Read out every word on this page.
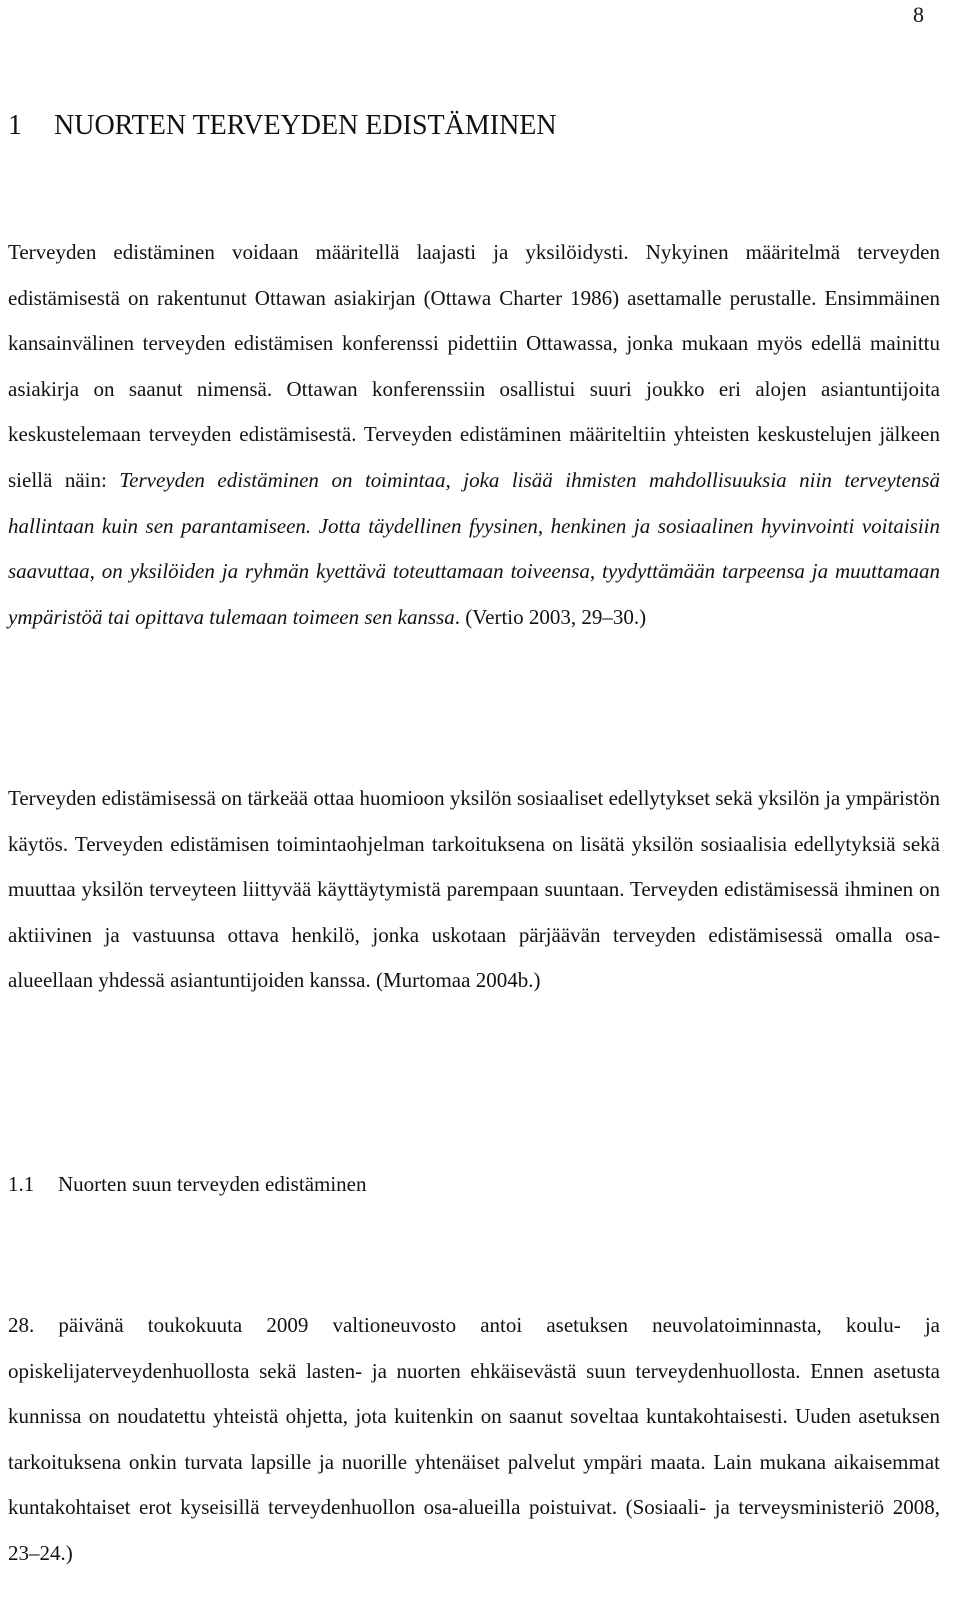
8
1 NUORTEN TERVEYDEN EDISTÄMINEN

Terveyden edistäminen voidaan määritellä laajasti ja yksilöidysti. Nykyinen määritelmä terveyden edistämisestä on rakentunut Ottawan asiakirjan (Ottawa Charter 1986) asettamalle perustalle. Ensimmäinen kansainvälinen terveyden edistämisen konferenssi pidettiin Ottawassa, jonka mukaan myös edellä mainittu asiakirja on saanut nimensä. Ottawan konferenssiin osallistui suuri joukko eri alojen asiantuntijoita keskustelemaan terveyden edistämisestä. Terveyden edistäminen määriteltiin yhteisten keskustelujen jälkeen siellä näin: Terveyden edistäminen on toimintaa, joka lisää ihmisten mahdollisuuksia niin terveytensä hallintaan kuin sen parantamiseen. Jotta täydellinen fyysinen, henkinen ja sosiaalinen hyvinvointi voitaisiin saavuttaa, on yksilöiden ja ryhmän kyettävä toteuttamaan toiveensa, tyydyttämään tarpeensa ja muuttamaan ympäristöä tai opittava tulemaan toimeen sen kanssa. (Vertio 2003, 29–30.)

Terveyden edistämisessä on tärkeää ottaa huomioon yksilön sosiaaliset edellytykset sekä yksilön ja ympäristön käytös. Terveyden edistämisen toimintaohjelman tarkoituksena on lisätä yksilön sosiaalisia edellytyksiä sekä muuttaa yksilön terveyteen liittyvää käyttäytymistä parempaan suuntaan. Terveyden edistämisessä ihminen on aktiivinen ja vastuunsa ottava henkilö, jonka uskotaan pärjäävän terveyden edistämisessä omalla osa-alueellaan yhdessä asiantuntijoiden kanssa. (Murtomaa 2004b.)

1.1 Nuorten suun terveyden edistäminen

28. päivänä toukokuuta 2009 valtioneuvosto antoi asetuksen neuvolatoiminnasta, koulu- ja opiskelijaterveydenhuollosta sekä lasten- ja nuorten ehkäisevästä suun terveydenhuollosta. Ennen asetusta kunnissa on noudatettu yhteistä ohjetta, jota kuitenkin on saanut soveltaa kuntakohtaisesti. Uuden asetuksen tarkoituksena onkin turvata lapsille ja nuorille yhtenäiset palvelut ympäri maata. Lain mukana aikaisemmat kuntakohtaiset erot kyseisillä terveydenhuollon osa-alueilla poistuivat. (Sosiaali- ja terveysministeriö 2008, 23–24.)
